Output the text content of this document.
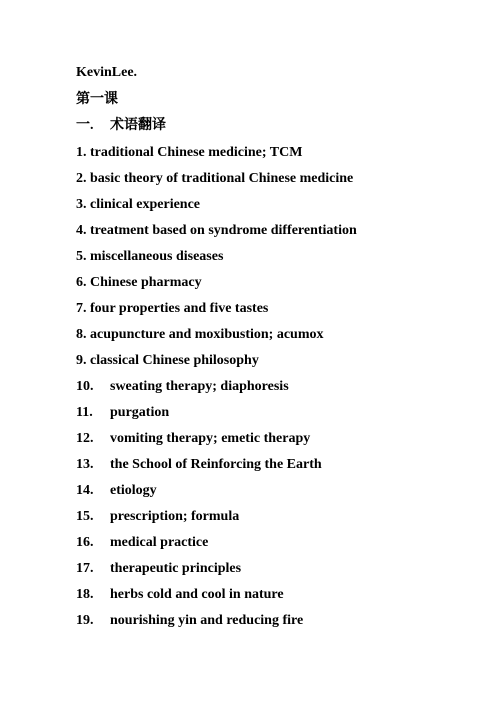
KevinLee.
第一课
一. 术语翻译
1. traditional Chinese medicine; TCM
2. basic theory of traditional Chinese medicine
3. clinical experience
4. treatment based on syndrome differentiation
5. miscellaneous diseases
6. Chinese pharmacy
7. four properties and five tastes
8. acupuncture and moxibustion; acumox
9. classical Chinese philosophy
10. sweating therapy; diaphoresis
11. purgation
12. vomiting therapy; emetic therapy
13. the School of Reinforcing the Earth
14. etiology
15. prescription; formula
16. medical practice
17. therapeutic principles
18. herbs cold and cool in nature
19. nourishing yin and reducing fire
